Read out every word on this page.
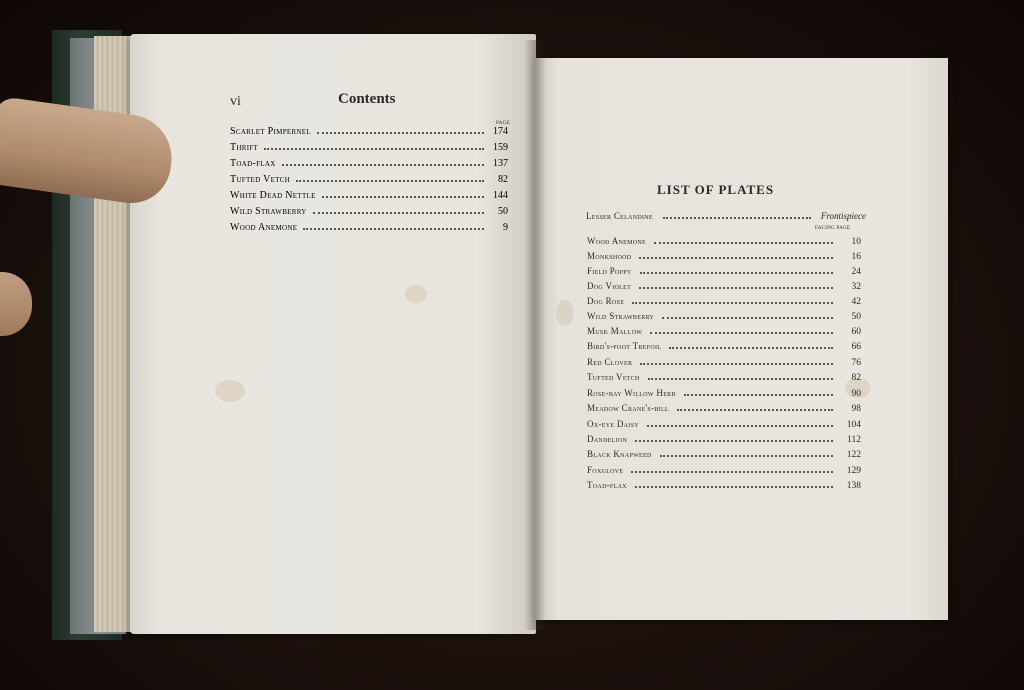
vi	Contents
PAGE
Scarlet Pimpernel	174
Thrift	159
Toad-flax	137
Tufted Vetch	82
White Dead Nettle	144
Wild Strawberry	50
Wood Anemone	9
LIST OF PLATES
Lesser Celandine	Frontispiece
FACING PAGE
Wood Anemone	10
Monkshood	16
Field Poppy	24
Dog Violet	32
Dog Rose	42
Wild Strawberry	50
Musk Mallow	60
Bird's-foot Trefoil	66
Red Clover	76
Tufted Vetch	82
Rose-bay Willow Herb	90
Meadow Crane's-bill	98
Ox-eye Daisy	104
Dandelion	112
Black Knapweed	122
Foxglove	129
Toad-flax	138
